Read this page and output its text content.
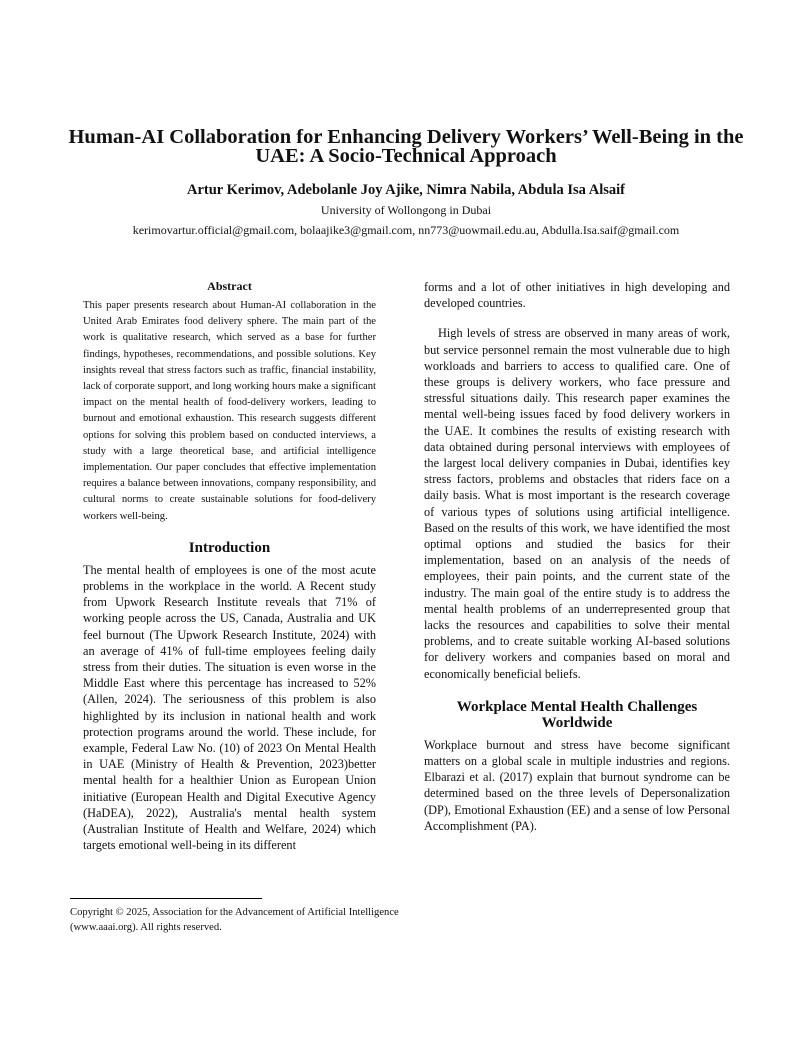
Human-AI Collaboration for Enhancing Delivery Workers’ Well-Being in the UAE: A Socio-Technical Approach

Artur Kerimov, Adebolanle Joy Ajike, Nimra Nabila, Abdula Isa Alsaif

University of Wollongong in Dubai

kerimovartur.official@gmail.com, bolaajike3@gmail.com, nn773@uowmail.edu.au, Abdulla.Isa.saif@gmail.com

Abstract

This paper presents research about Human-AI collaboration in the United Arab Emirates food delivery sphere. The main part of the work is qualitative research, which served as a base for further findings, hypotheses, recommendations, and possible solutions. Key insights reveal that stress factors such as traffic, financial instability, lack of corporate support, and long working hours make a significant impact on the mental health of food-delivery workers, leading to burnout and emotional exhaustion. This research suggests different options for solving this problem based on conducted interviews, a study with a large theoretical base, and artificial intelligence implementation. Our paper concludes that effective implementation requires a balance between innovations, company responsibility, and cultural norms to create sustainable solutions for food-delivery workers well-being.

Introduction

The mental health of employees is one of the most acute problems in the workplace in the world. A Recent study from Upwork Research Institute reveals that 71% of working people across the US, Canada, Australia and UK feel burnout (The Upwork Research Institute, 2024) with an average of 41% of full-time employees feeling daily stress from their duties. The situation is even worse in the Middle East where this percentage has increased to 52% (Allen, 2024). The seriousness of this problem is also highlighted by its inclusion in national health and work protection programs around the world. These include, for example, Federal Law No. (10) of 2023 On Mental Health in UAE (Ministry of Health & Prevention, 2023)better mental health for a healthier Union as European Union initiative (European Health and Digital Executive Agency (HaDEA), 2022), Australia's mental health system (Australian Institute of Health and Welfare, 2024) which targets emotional well-being in its different

forms and a lot of other initiatives in high developing and developed countries.

High levels of stress are observed in many areas of work, but service personnel remain the most vulnerable due to high workloads and barriers to access to qualified care. One of these groups is delivery workers, who face pressure and stressful situations daily. This research paper examines the mental well-being issues faced by food delivery workers in the UAE. It combines the results of existing research with data obtained during personal interviews with employees of the largest local delivery companies in Dubai, identifies key stress factors, problems and obstacles that riders face on a daily basis. What is most important is the research coverage of various types of solutions using artificial intelligence. Based on the results of this work, we have identified the most optimal options and studied the basics for their implementation, based on an analysis of the needs of employees, their pain points, and the current state of the industry. The main goal of the entire study is to address the mental health problems of an underrepresented group that lacks the resources and capabilities to solve their mental problems, and to create suitable working AI-based solutions for delivery workers and companies based on moral and economically beneficial beliefs.

Workplace Mental Health Challenges Worldwide

Workplace burnout and stress have become significant matters on a global scale in multiple industries and regions. Elbarazi et al. (2017) explain that burnout syndrome can be determined based on the three levels of Depersonalization (DP), Emotional Exhaustion (EE) and a sense of low Personal Accomplishment (PA).

Copyright © 2025, Association for the Advancement of Artificial Intelligence (www.aaai.org). All rights reserved.
